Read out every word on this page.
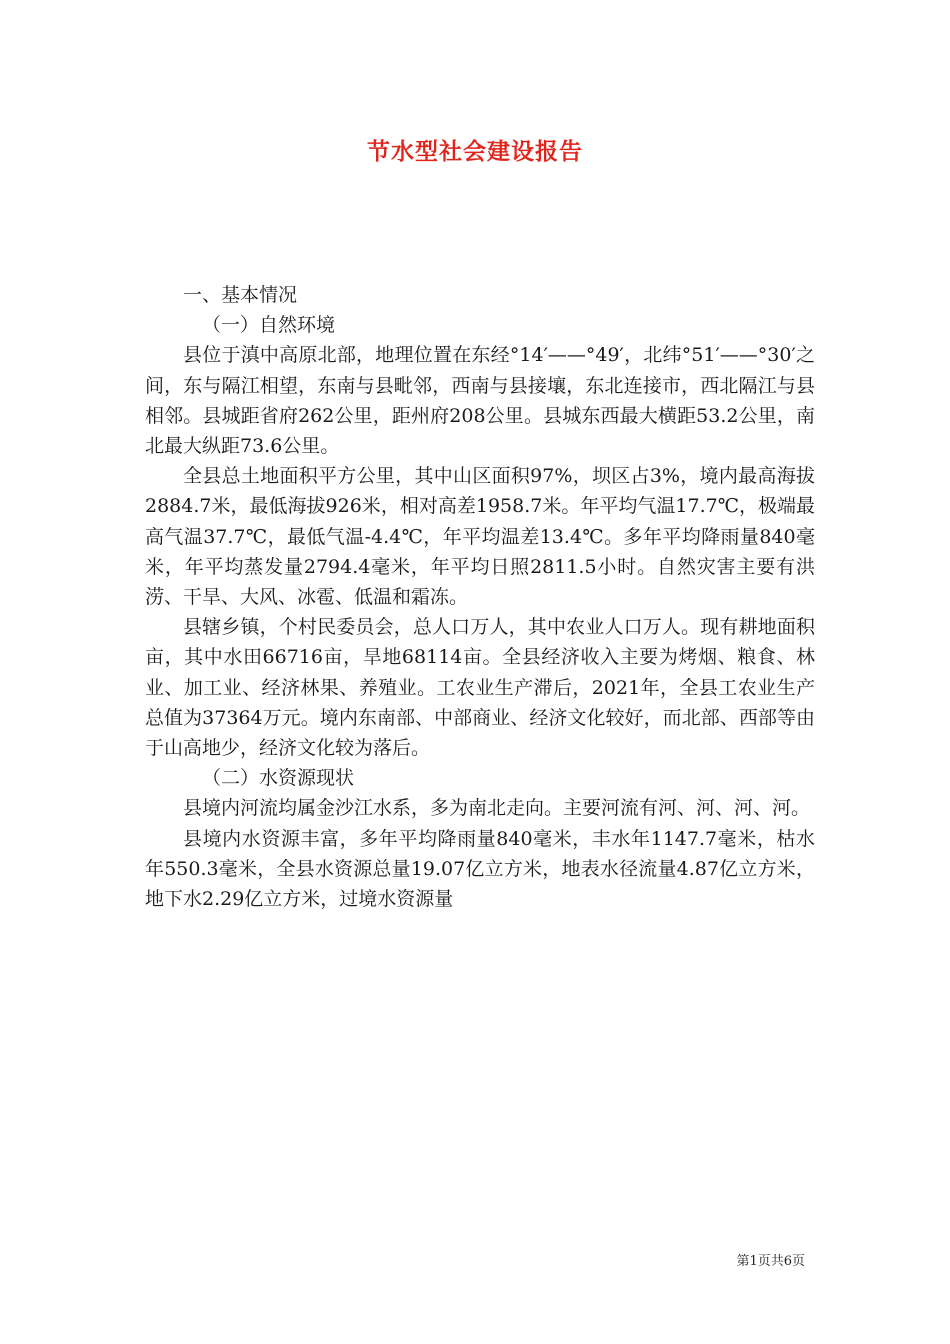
节水型社会建设报告

一、基本情况

（一）自然环境

县位于滇中高原北部，地理位置在东经°14′——°49′，北纬°51′——°30′之间，东与隔江相望，东南与县毗邻，西南与县接壤，东北连接市，西北隔江与县相邻。县城距省府262公里，距州府208公里。县城东西最大横距53.2公里，南北最大纵距73.6公里。

全县总土地面积平方公里，其中山区面积97%，坝区占3%，境内最高海拔2884.7米，最低海拔926米，相对高差1958.7米。年平均气温17.7℃，极端最高气温37.7℃，最低气温-4.4℃，年平均温差13.4℃。多年平均降雨量840毫米，年平均蒸发量2794.4毫米，年平均日照2811.5小时。自然灾害主要有洪涝、干旱、大风、冰雹、低温和霜冻。

县辖乡镇，个村民委员会，总人口万人，其中农业人口万人。现有耕地面积亩，其中水田66716亩，旱地68114亩。全县经济收入主要为烤烟、粮食、林业、加工业、经济林果、养殖业。工农业生产滞后，2021年，全县工农业生产总值为37364万元。境内东南部、中部商业、经济文化较好，而北部、西部等由于山高地少，经济文化较为落后。

（二）水资源现状

县境内河流均属金沙江水系，多为南北走向。主要河流有河、河、河、河。

县境内水资源丰富，多年平均降雨量840毫米，丰水年1147.7毫米，枯水年550.3毫米，全县水资源总量19.07亿立方米，地表水径流量4.87亿立方米，地下水2.29亿立方米，过境水资源量

第1页共6页
